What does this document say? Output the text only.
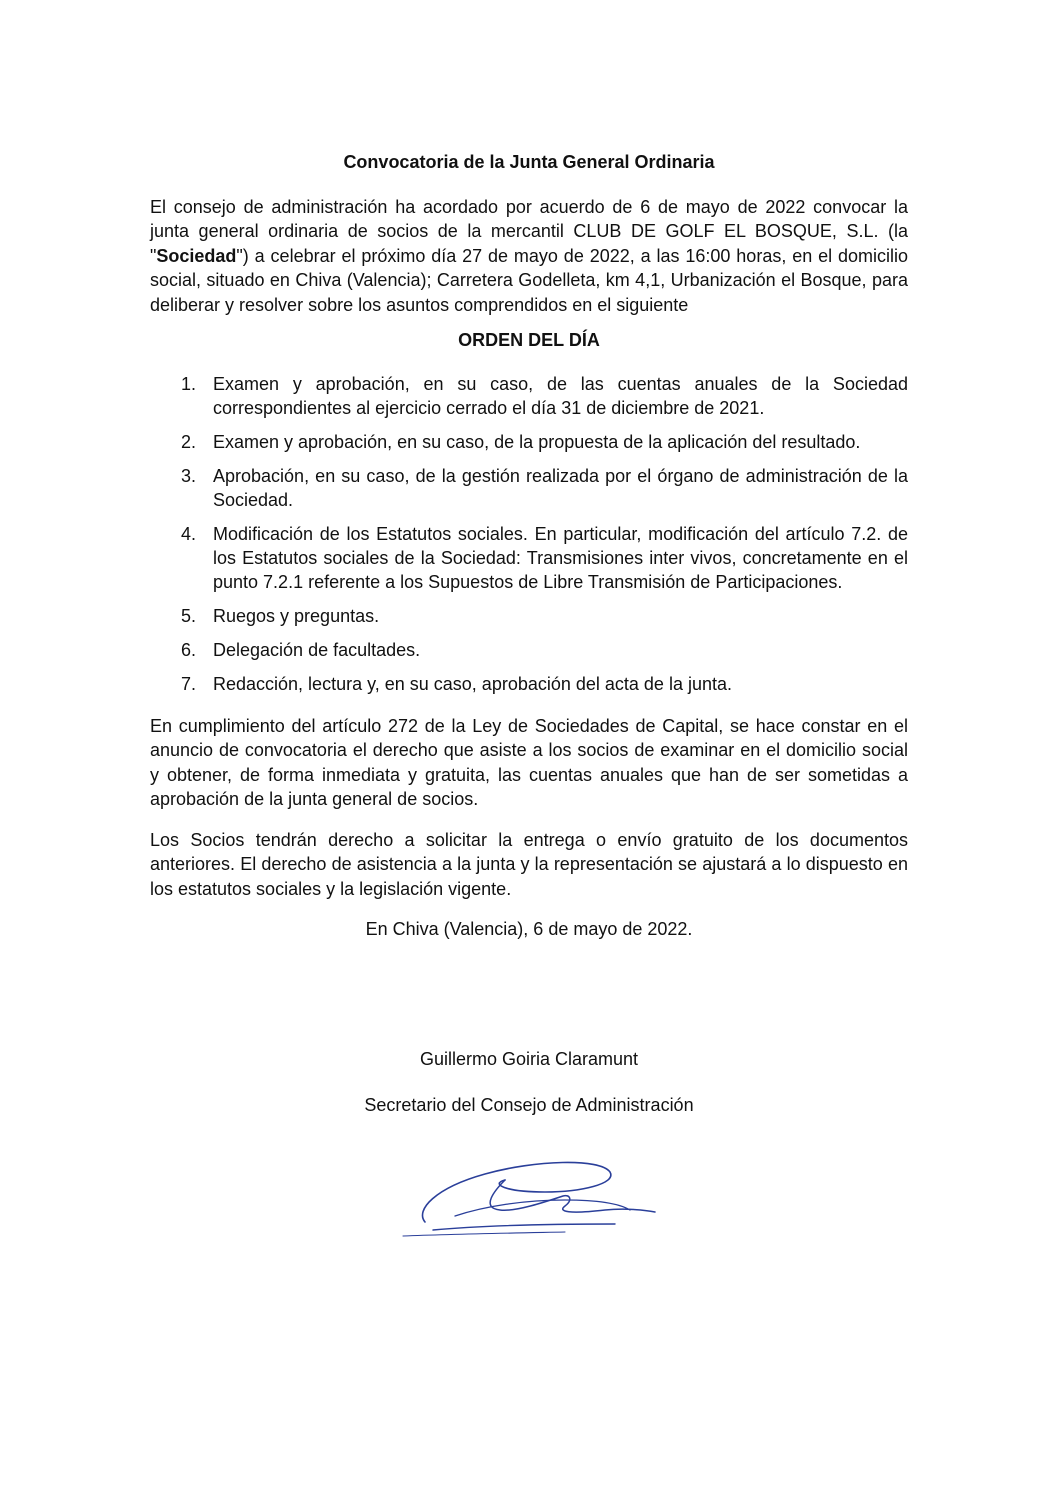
Convocatoria de la Junta General Ordinaria
El consejo de administración ha acordado por acuerdo de 6 de mayo de 2022 convocar la junta general ordinaria de socios de la mercantil CLUB DE GOLF EL BOSQUE, S.L. (la "Sociedad") a celebrar el próximo día 27 de mayo de 2022, a las 16:00 horas, en el domicilio social, situado en Chiva (Valencia); Carretera Godelleta, km 4,1, Urbanización el Bosque, para deliberar y resolver sobre los asuntos comprendidos en el siguiente
ORDEN DEL DÍA
1. Examen y aprobación, en su caso, de las cuentas anuales de la Sociedad correspondientes al ejercicio cerrado el día 31 de diciembre de 2021.
2. Examen y aprobación, en su caso, de la propuesta de la aplicación del resultado.
3. Aprobación, en su caso, de la gestión realizada por el órgano de administración de la Sociedad.
4. Modificación de los Estatutos sociales. En particular, modificación del artículo 7.2. de los Estatutos sociales de la Sociedad: Transmisiones inter vivos, concretamente en el punto 7.2.1 referente a los Supuestos de Libre Transmisión de Participaciones.
5. Ruegos y preguntas.
6. Delegación de facultades.
7. Redacción, lectura y, en su caso, aprobación del acta de la junta.
En cumplimiento del artículo 272 de la Ley de Sociedades de Capital, se hace constar en el anuncio de convocatoria el derecho que asiste a los socios de examinar en el domicilio social y obtener, de forma inmediata y gratuita, las cuentas anuales que han de ser sometidas a aprobación de la junta general de socios.
Los Socios tendrán derecho a solicitar la entrega o envío gratuito de los documentos anteriores. El derecho de asistencia a la junta y la representación se ajustará a lo dispuesto en los estatutos sociales y la legislación vigente.
En Chiva (Valencia), 6 de mayo de 2022.
Guillermo Goiria Claramunt
Secretario del Consejo de Administración
